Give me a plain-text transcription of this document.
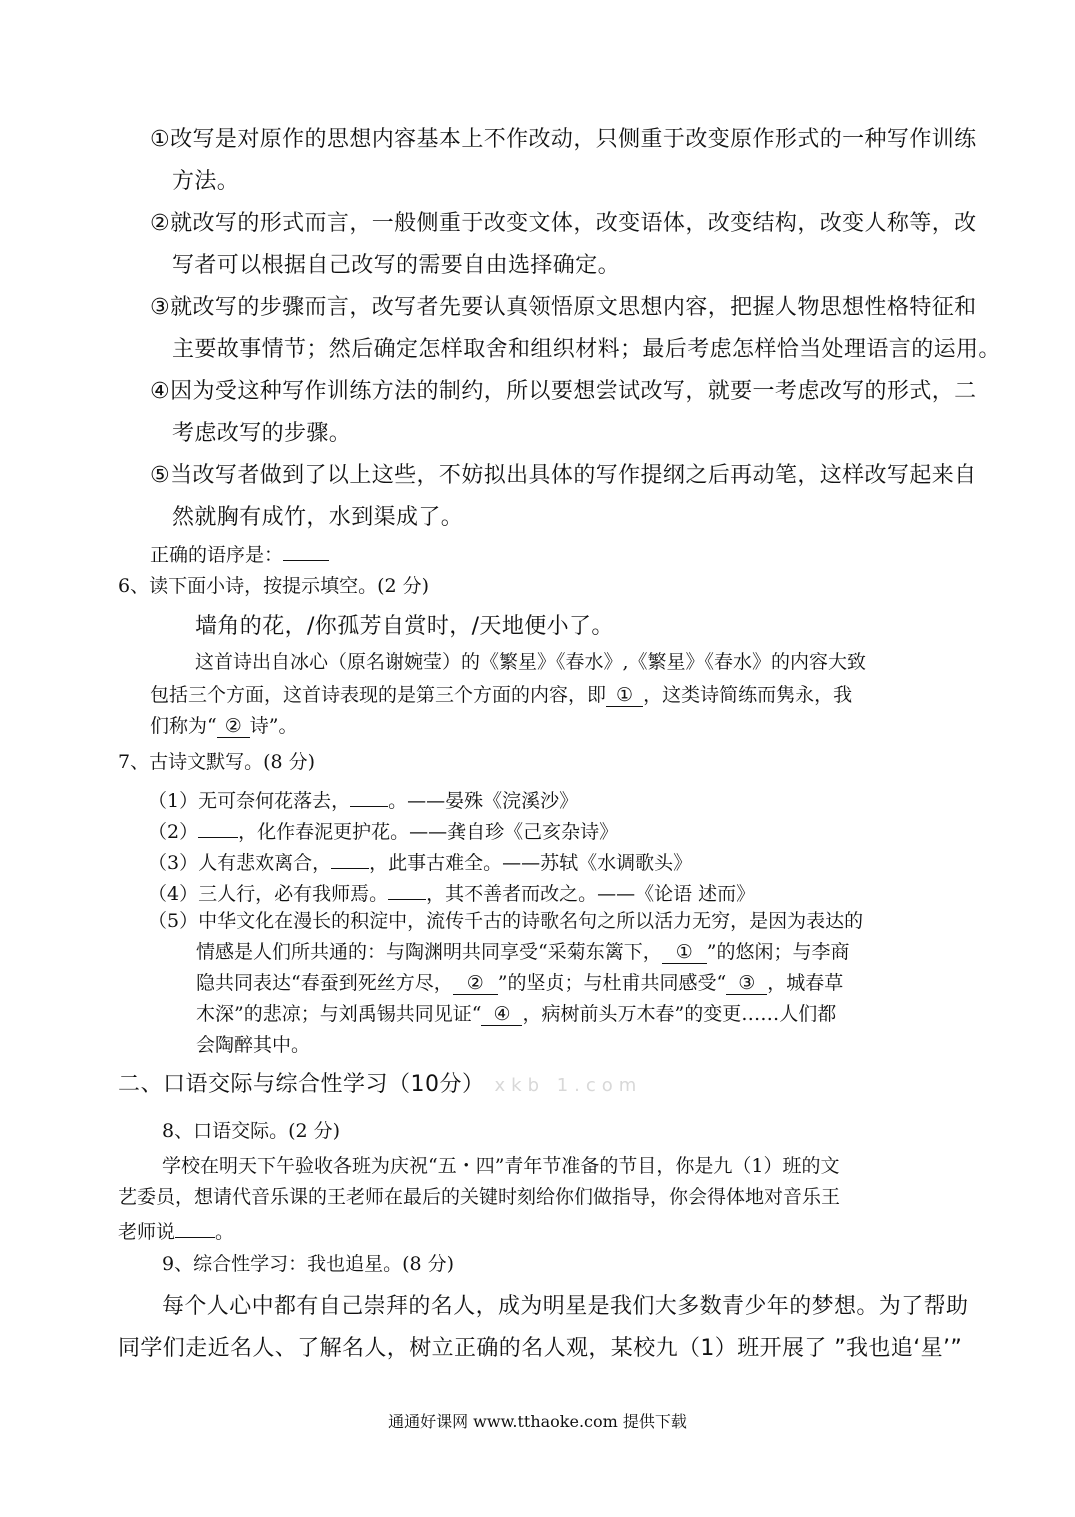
①改写是对原作的思想内容基本上不作改动，只侧重于改变原作形式的一种写作训练
方法。
②就改写的形式而言，一般侧重于改变文体，改变语体，改变结构，改变人称等，改
写者可以根据自己改写的需要自由选择确定。
③就改写的步骤而言，改写者先要认真领悟原文思想内容，把握人物思想性格特征和
主要故事情节；然后确定怎样取舍和组织材料；最后考虑怎样恰当处理语言的运用。
④因为受这种写作训练方法的制约，所以要想尝试改写，就要一考虑改写的形式，二
考虑改写的步骤。
⑤当改写者做到了以上这些，不妨拟出具体的写作提纲之后再动笔，这样改写起来自
然就胸有成竹，水到渠成了。
正确的语序是：
6、读下面小诗，按提示填空。(2 分)
墙角的花，/你孤芳自赏时，/天地便小了。
这首诗出自冰心（原名谢婉莹）的《繁星》《春水》,《繁星》《春水》的内容大致
包括三个方面，这首诗表现的是第三个方面的内容，即 ① ，这类诗简练而隽永，我
们称为“ ② 诗”。
7、古诗文默写。(8 分)
（1）无可奈何花落去， 。——晏殊《浣溪沙》
（2） ，化作春泥更护花。——龚自珍《己亥杂诗》
（3）人有悲欢离合， ，此事古难全。——苏轼《水调歌头》
（4）三人行，必有我师焉。 ，其不善者而改之。——《论语 述而》
（5）中华文化在漫长的积淀中，流传千古的诗歌名句之所以活力无穷，是因为表达的
情感是人们所共通的：与陶渊明共同享受“采菊东篱下， ① ”的悠闲；与李商
隐共同表达“春蚕到死丝方尽， ② ”的坚贞；与杜甫共同感受“ ③ ，城春草
木深”的悲凉；与刘禹锡共同见证“ ④ ，病树前头万木春”的变更……人们都
会陶醉其中。
二、口语交际与综合性学习（10分） xkb 1.com
8、口语交际。(2 分)
学校在明天下午验收各班为庆祝“五・四”青年节准备的节目，你是九（1）班的文
艺委员，想请代音乐课的王老师在最后的关键时刻给你们做指导，你会得体地对音乐王
老师说 。
9、综合性学习：我也追星。(8 分)
每个人心中都有自己崇拜的名人，成为明星是我们大多数青少年的梦想。为了帮助
同学们走近名人、了解名人，树立正确的名人观，某校九（1）班开展了 ”我也追‘星’”
通通好课网 www.tthaoke.com 提供下载
